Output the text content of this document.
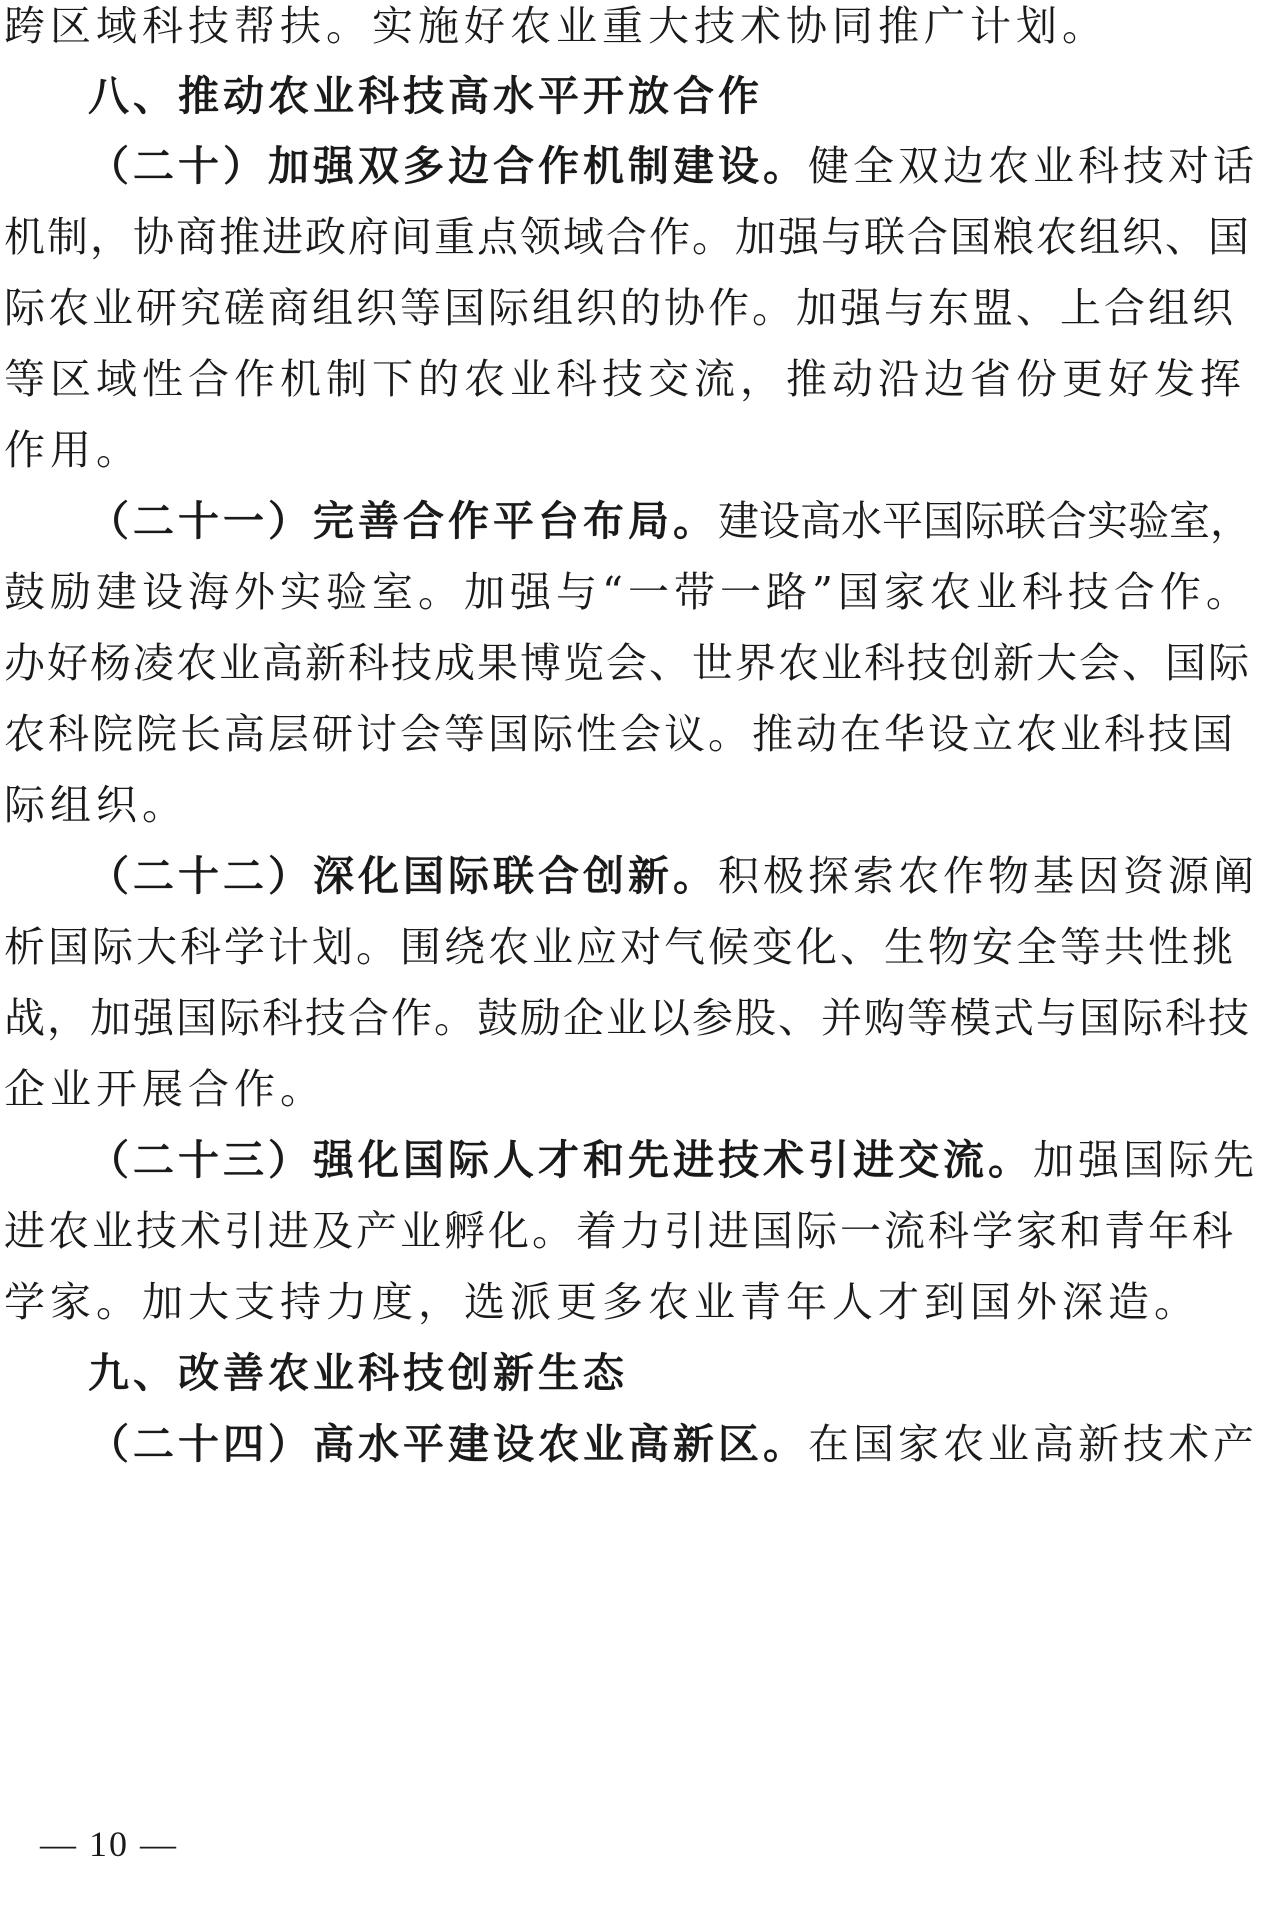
跨区域科技帮扶。实施好农业重大技术协同推广计划。
八、推动农业科技高水平开放合作
（二十）加强双多边合作机制建设。健全双边农业科技对话
机制，协商推进政府间重点领域合作。加强与联合国粮农组织、国
际农业研究磋商组织等国际组织的协作。加强与东盟、上合组织
等区域性合作机制下的农业科技交流，推动沿边省份更好发挥
作用。
（二十一）完善合作平台布局。建设高水平国际联合实验室，
鼓励建设海外实验室。加强与“一带一路”国家农业科技合作。
办好杨凌农业高新科技成果博览会、世界农业科技创新大会、国际
农科院院长高层研讨会等国际性会议。推动在华设立农业科技国
际组织。
（二十二）深化国际联合创新。积极探索农作物基因资源阐
析国际大科学计划。围绕农业应对气候变化、生物安全等共性挑
战，加强国际科技合作。鼓励企业以参股、并购等模式与国际科技
企业开展合作。
（二十三）强化国际人才和先进技术引进交流。加强国际先
进农业技术引进及产业孵化。着力引进国际一流科学家和青年科
学家。加大支持力度，选派更多农业青年人才到国外深造。
九、改善农业科技创新生态
（二十四）高水平建设农业高新区。在国家农业高新技术产
— 10 —
